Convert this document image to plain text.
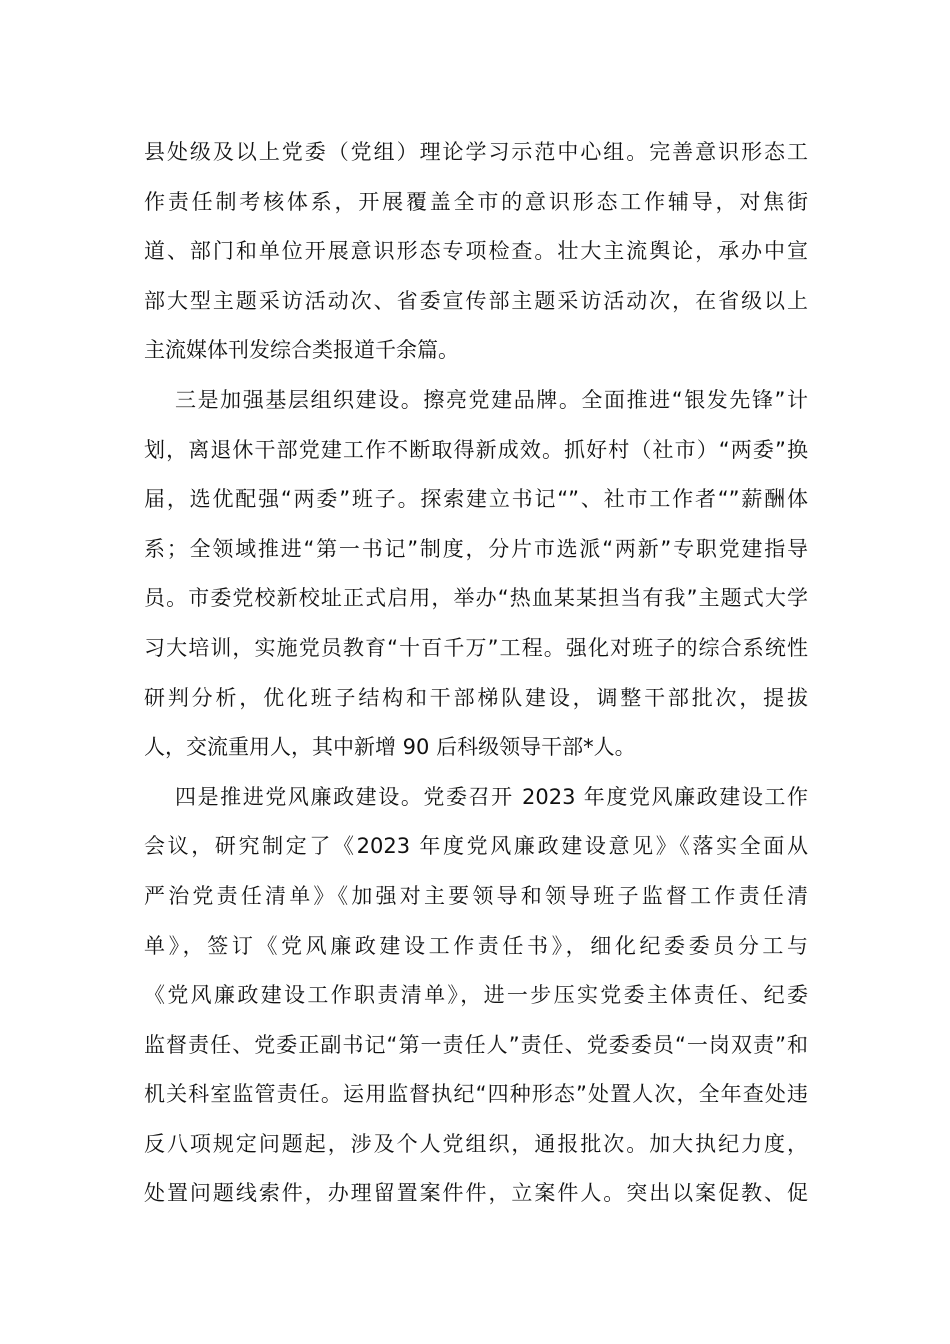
县处级及以上党委（党组）理论学习示范中心组。完善意识形态工
作责任制考核体系，开展覆盖全市的意识形态工作辅导，对焦街
道、部门和单位开展意识形态专项检查。壮大主流舆论，承办中宣
部大型主题采访活动次、省委宣传部主题采访活动次，在省级以上
主流媒体刊发综合类报道千余篇。
三是加强基层组织建设。擦亮党建品牌。全面推进“银发先锋”计
划，离退休干部党建工作不断取得新成效。抓好村（社市）“两委”换
届，选优配强“两委”班子。探索建立书记“”、社市工作者“”薪酬体
系；全领域推进“第一书记”制度，分片市选派“两新”专职党建指导
员。市委党校新校址正式启用，举办“热血某某担当有我”主题式大学
习大培训，实施党员教育“十百千万”工程。强化对班子的综合系统性
研判分析，优化班子结构和干部梯队建设，调整干部批次，提拔
人，交流重用人，其中新增 90 后科级领导干部*人。
四是推进党风廉政建设。党委召开 2023 年度党风廉政建设工作
会议，研究制定了《2023 年度党风廉政建设意见》《落实全面从
严治党责任清单》《加强对主要领导和领导班子监督工作责任清
单》，签订《党风廉政建设工作责任书》，细化纪委委员分工与
《党风廉政建设工作职责清单》，进一步压实党委主体责任、纪委
监督责任、党委正副书记“第一责任人”责任、党委委员“一岗双责”和
机关科室监管责任。运用监督执纪“四种形态”处置人次，全年查处违
反八项规定问题起，涉及个人党组织，通报批次。加大执纪力度，
处置问题线索件，办理留置案件件，立案件人。突出以案促教、促
